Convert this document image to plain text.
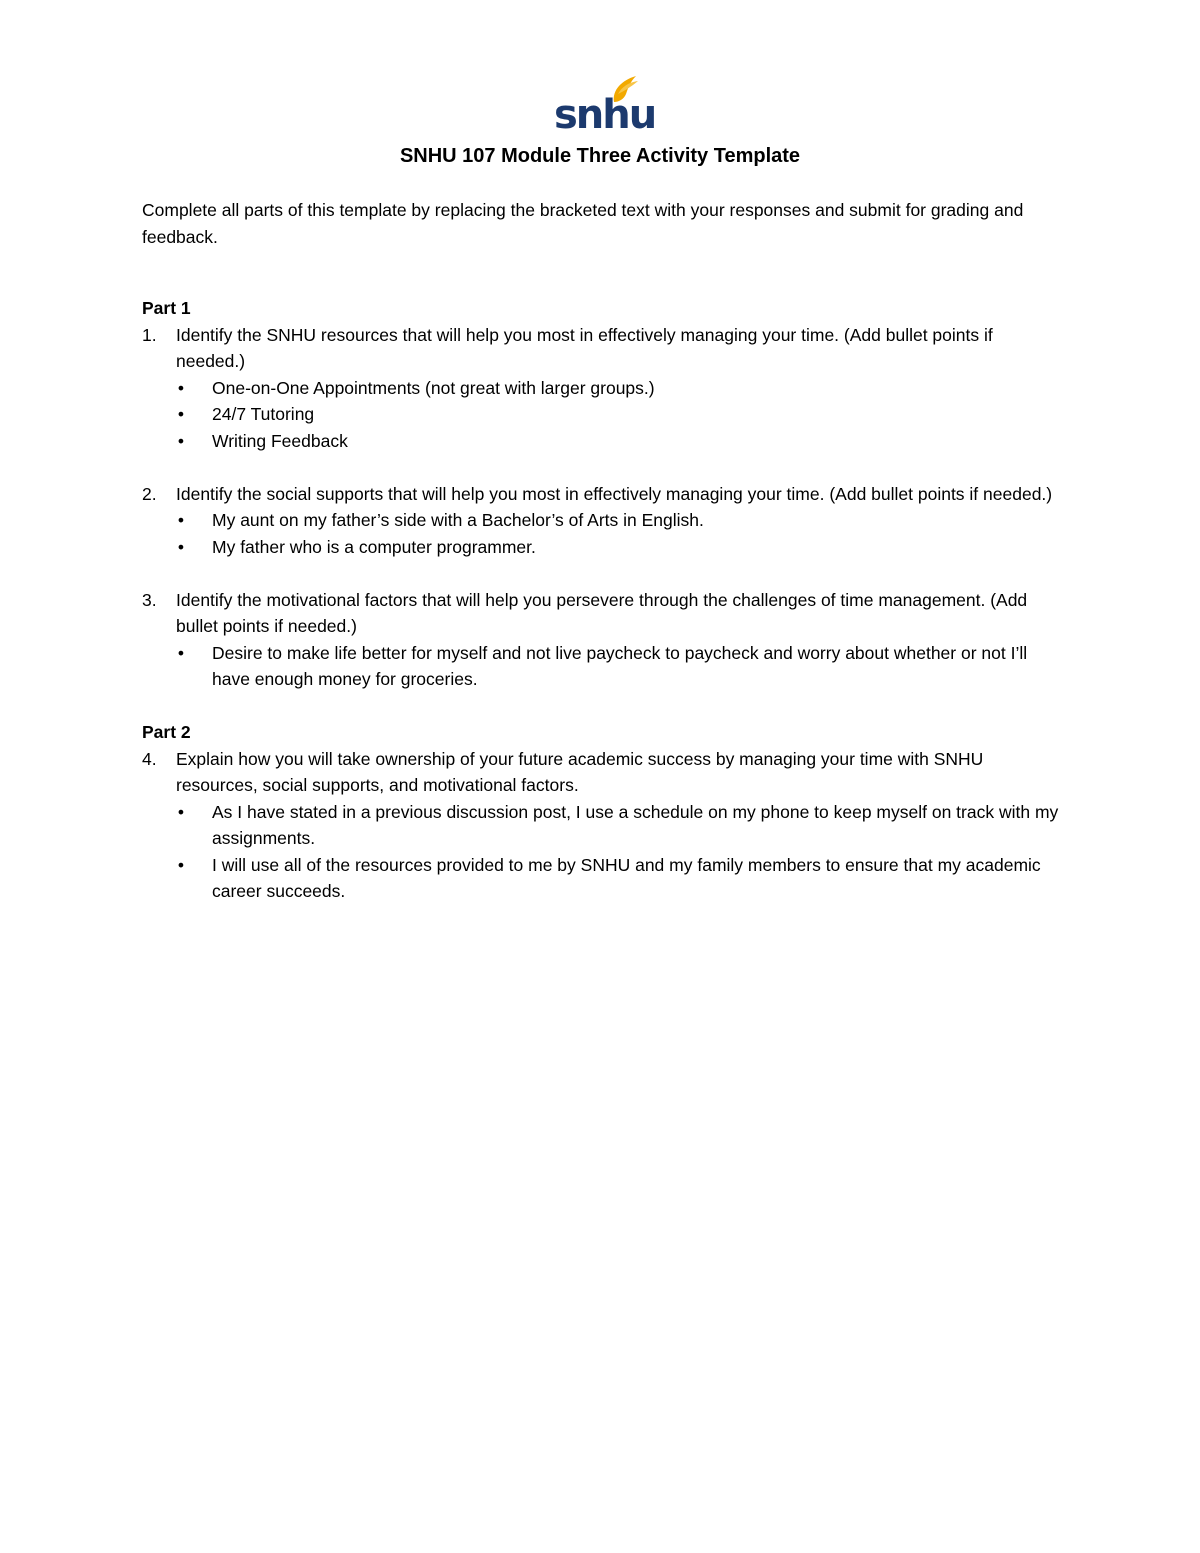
snhu
SNHU 107 Module Three Activity Template

Complete all parts of this template by replacing the bracketed text with your responses and submit for grading and feedback.

Part 1

1. Identify the SNHU resources that will help you most in effectively managing your time. (Add bullet points if needed.)
• One-on-One Appointments (not great with larger groups.)
• 24/7 Tutoring
• Writing Feedback
2. Identify the social supports that will help you most in effectively managing your time. (Add bullet points if needed.)
• My aunt on my father’s side with a Bachelor’s of Arts in English.
• My father who is a computer programmer.
3. Identify the motivational factors that will help you persevere through the challenges of time management. (Add bullet points if needed.)
• Desire to make life better for myself and not live paycheck to paycheck and worry about whether or not I’ll have enough money for groceries.

Part 2

4. Explain how you will take ownership of your future academic success by managing your time with SNHU resources, social supports, and motivational factors.
• As I have stated in a previous discussion post, I use a schedule on my phone to keep myself on track with my assignments.
• I will use all of the resources provided to me by SNHU and my family members to ensure that my academic career succeeds.
